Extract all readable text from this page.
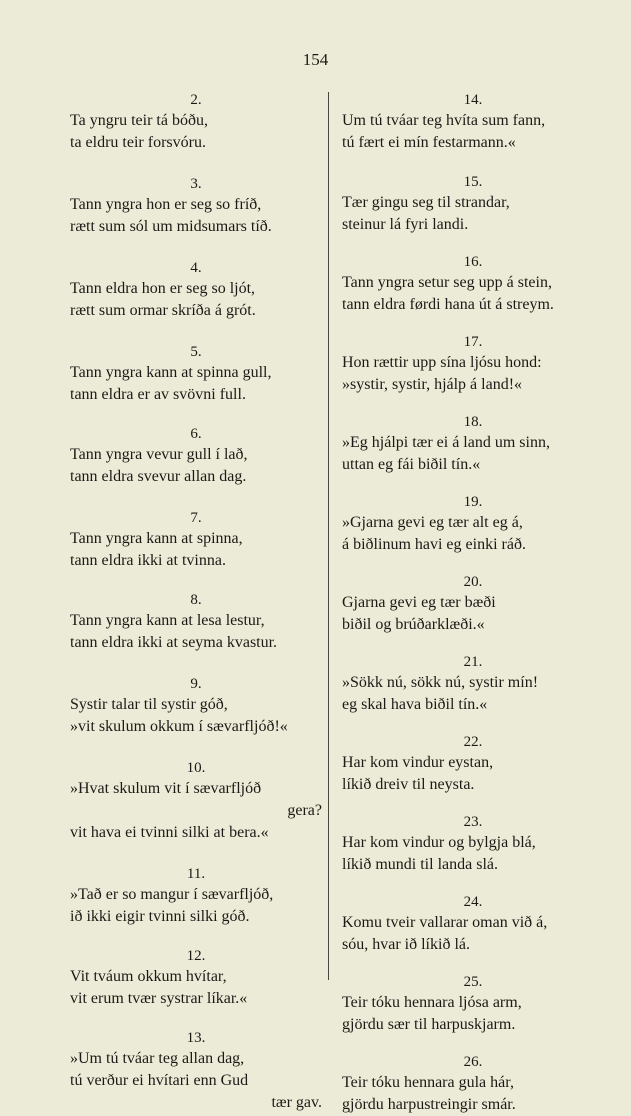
154
2.
Ta yngru teir tá bóðu,
ta eldru teir forsvóru.
3.
Tann yngra hon er seg so fríð,
rætt sum sól um midsumars tíð.
4.
Tann eldra hon er seg so ljót,
rætt sum ormar skríða á grót.
5.
Tann yngra kann at spinna gull,
tann eldra er av svövni full.
6.
Tann yngra vevur gull í lað,
tann eldra svevur allan dag.
7.
Tann yngra kann at spinna,
tann eldra ikki at tvinna.
8.
Tann yngra kann at lesa lestur,
tann eldra ikki at seyma kvastur.
9.
Systir talar til systir góð,
»vit skulum okkum í sævarfljóð!«
10.
»Hvat skulum vit í sævarfljóð
gera?
vit hava ei tvinni silki at bera.«
11.
»Tað er so mangur í sævarfljóð,
ið ikki eigir tvinni silki góð.
12.
Vit tváum okkum hvítar,
vit erum tvær systrar líkar.«
13.
»Um tú tváar teg allan dag,
tú verður ei hvítari enn Gud
tær gav.
14.
Um tú tváar teg hvíta sum fann,
tú fært ei mín festarmann.«
15.
Tær gingu seg til strandar,
steinur lá fyri landi.
16.
Tann yngra setur seg upp á stein,
tann eldra førdi hana út á streym.
17.
Hon rættir upp sína ljósu hond:
»systir, systir, hjálp á land!«
18.
»Eg hjálpi tær ei á land um sinn,
uttan eg fái biðil tín.«
19.
»Gjarna gevi eg tær alt eg á,
á biðlinum havi eg einki ráð.
20.
Gjarna gevi eg tær bæði
biðil og brúðarklæði.«
21.
»Sökk nú, sökk nú, systir mín!
eg skal hava biðil tín.«
22.
Har kom vindur eystan,
líkið dreiv til neysta.
23.
Har kom vindur og bylgja blá,
líkið mundi til landa slá.
24.
Komu tveir vallarar oman við á,
sóu, hvar ið líkið lá.
25.
Teir tóku hennara ljósa arm,
gjördu sær til harpuskjarm.
26.
Teir tóku hennara gula hár,
gjördu harpustreingir smár.
